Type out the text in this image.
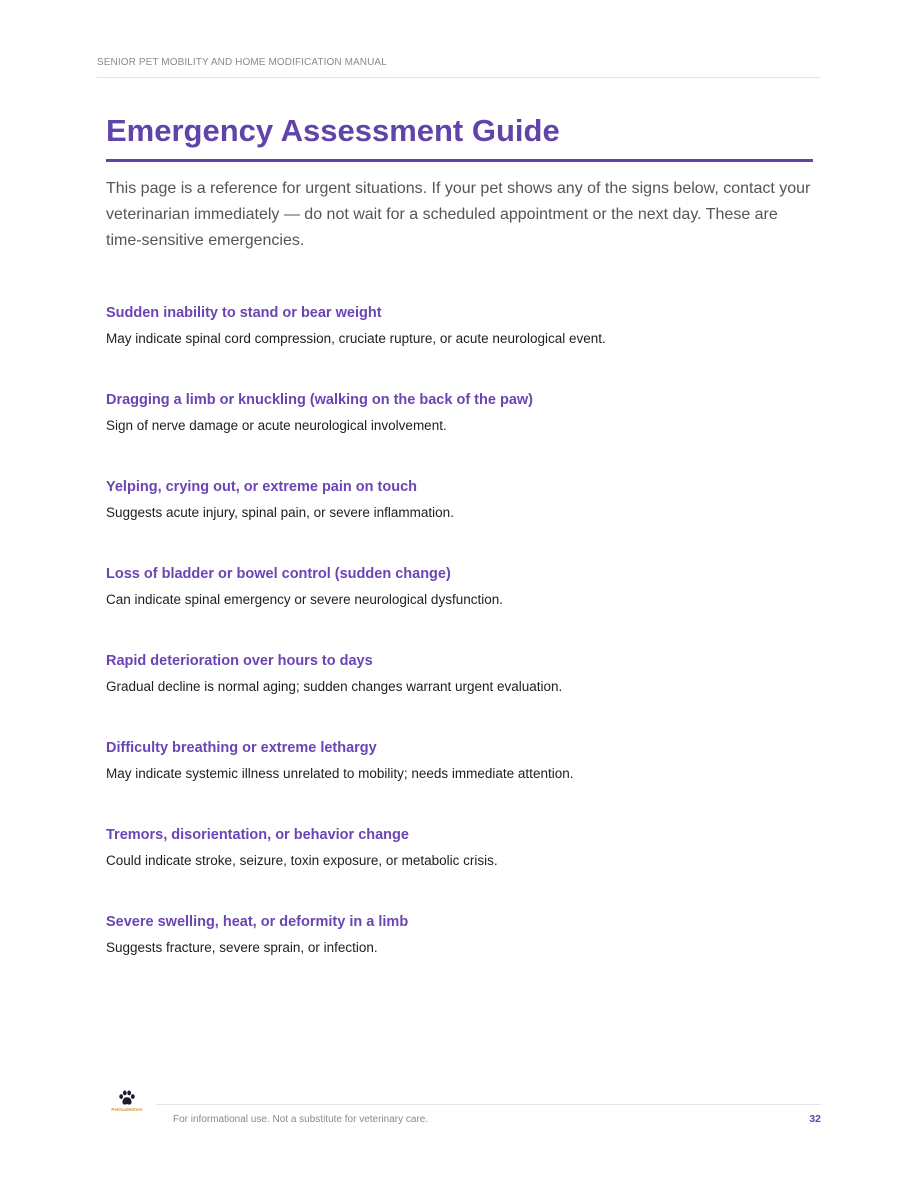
SENIOR PET MOBILITY AND HOME MODIFICATION MANUAL
Emergency Assessment Guide

This page is a reference for urgent situations. If your pet shows any of the signs below, contact your veterinarian immediately — do not wait for a scheduled appointment or the next day. These are time-sensitive emergencies.

Sudden inability to stand or bear weight
May indicate spinal cord compression, cruciate rupture, or acute neurological event.
Dragging a limb or knuckling (walking on the back of the paw)
Sign of nerve damage or acute neurological involvement.
Yelping, crying out, or extreme pain on touch
Suggests acute injury, spinal pain, or severe inflammation.
Loss of bladder or bowel control (sudden change)
Can indicate spinal emergency or severe neurological dysfunction.
Rapid deterioration over hours to days
Gradual decline is normal aging; sudden changes warrant urgent evaluation.
Difficulty breathing or extreme lethargy
May indicate systemic illness unrelated to mobility; needs immediate attention.
Tremors, disorientation, or behavior change
Could indicate stroke, seizure, toxin exposure, or metabolic crisis.
Severe swelling, heat, or deformity in a limb
Suggests fracture, severe sprain, or infection.
PetGuideStore
For informational use. Not a substitute for veterinary care.	32
